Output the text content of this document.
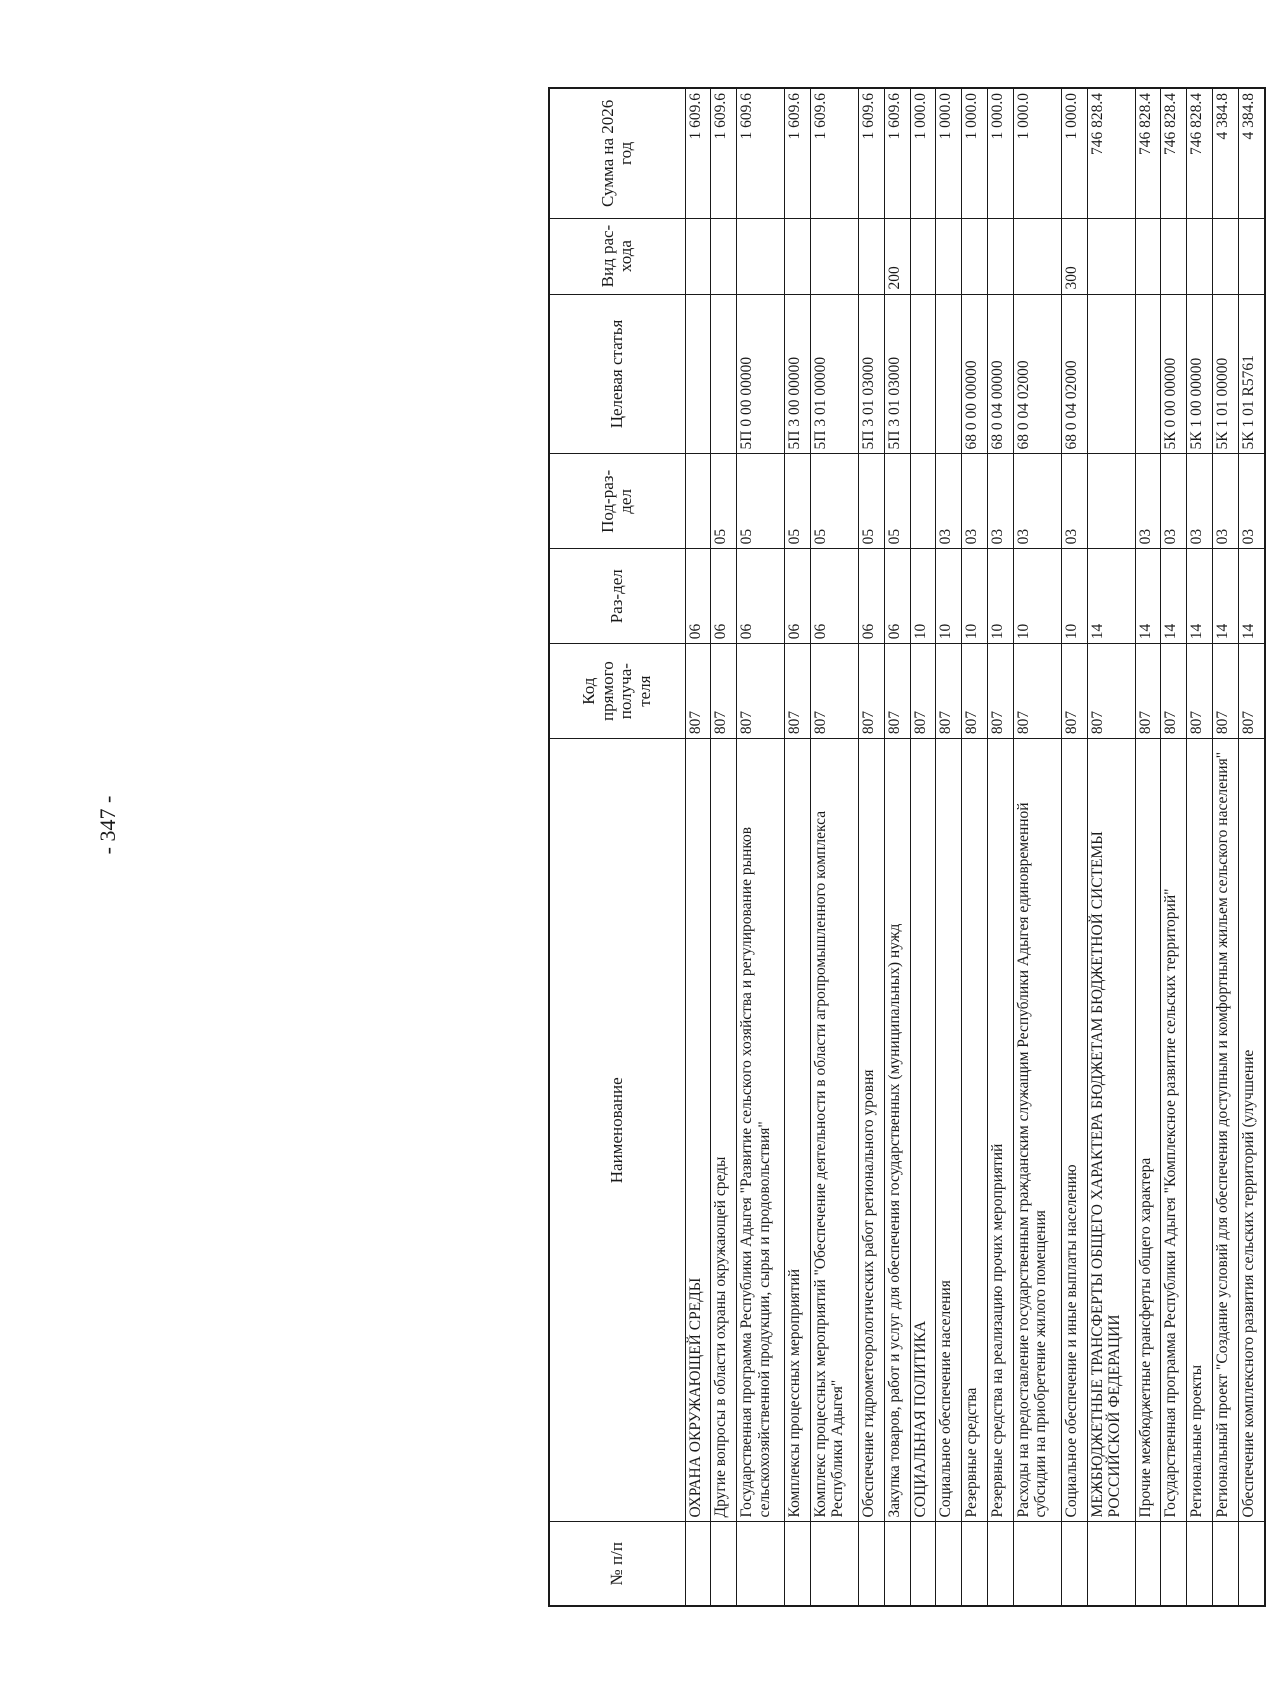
- 347 -
№ п/п	Наименование	Код прямого получа-теля	Раз-дел	Под-раз-дел	Целевая статья	Вид рас-хода	Сумма на 2026 год
	ОХРАНА ОКРУЖАЮЩЕЙ СРЕДЫ	807	06				1 609.6
	Другие вопросы в области охраны окружающей среды	807	06	05			1 609.6
	Государственная программа Республики Адыгея "Развитие сельского хозяйства и регулирование рынков сельскохозяйственной продукции, сырья и продовольствия"	807	06	05	5П 0 00 00000		1 609.6
	Комплексы процессных мероприятий	807	06	05	5П 3 00 00000		1 609.6
	Комплекс процессных мероприятий "Обеспечение деятельности в области агропромышленного комплекса Республики Адыгея"	807	06	05	5П 3 01 00000		1 609.6
	Обеспечение гидрометеорологических работ регионального уровня	807	06	05	5П 3 01 03000		1 609.6
	Закупка товаров, работ и услуг для обеспечения государственных (муниципальных) нужд	807	06	05	5П 3 01 03000	200	1 609.6
	СОЦИАЛЬНАЯ ПОЛИТИКА	807	10				1 000.0
	Социальное обеспечение населения	807	10	03			1 000.0
	Резервные средства	807	10	03	68 0 00 00000		1 000.0
	Резервные средства на реализацию прочих мероприятий	807	10	03	68 0 04 00000		1 000.0
	Расходы на предоставление государственным гражданским служащим Республики Адыгея единовременной субсидии на приобретение жилого помещения	807	10	03	68 0 04 02000		1 000.0
	Социальное обеспечение и иные выплаты населению	807	10	03	68 0 04 02000	300	1 000.0
	МЕЖБЮДЖЕТНЫЕ ТРАНСФЕРТЫ ОБЩЕГО ХАРАКТЕРА БЮДЖЕТАМ БЮДЖЕТНОЙ СИСТЕМЫ РОССИЙСКОЙ ФЕДЕРАЦИИ	807	14				746 828.4
	Прочие межбюджетные трансферты общего характера	807	14	03			746 828.4
	Государственная программа Республики Адыгея "Комплексное развитие сельских территорий"	807	14	03	5К 0 00 00000		746 828.4
	Региональные проекты	807	14	03	5К 1 00 00000		746 828.4
	Региональный проект "Создание условий для обеспечения доступным и комфортным жильем сельского населения"	807	14	03	5К 1 01 00000		4 384.8
	Обеспечение комплексного развития сельских территорий (улучшение	807	14	03	5К 1 01 R5761		4 384.8
